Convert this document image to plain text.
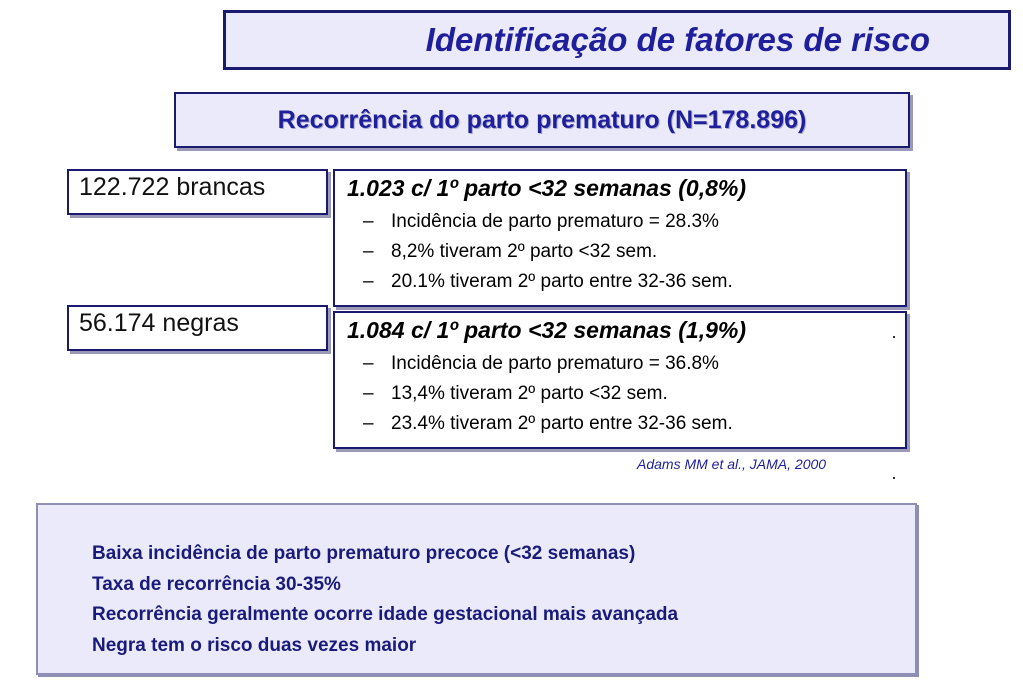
Identificação de fatores de risco
Recorrência do parto prematuro (N=178.896)
122.722 brancas	1.023 c/ 1º parto <32 semanas (0,8%)
– Incidência de parto prematuro = 28.3%
– 8,2% tiveram 2º parto <32 sem.
– 20.1% tiveram 2º parto entre 32-36 sem.
56.174 negras	1.084 c/ 1º parto <32 semanas (1,9%)
– Incidência de parto prematuro = 36.8%
– 13,4% tiveram 2º parto <32 sem.
– 23.4% tiveram 2º parto entre 32-36 sem.
Adams MM et al., JAMA, 2000
Baixa incidência de parto prematuro precoce (<32 semanas)
Taxa de recorrência 30-35%
Recorrência geralmente ocorre idade gestacional mais avançada
Negra tem o risco duas vezes maior
